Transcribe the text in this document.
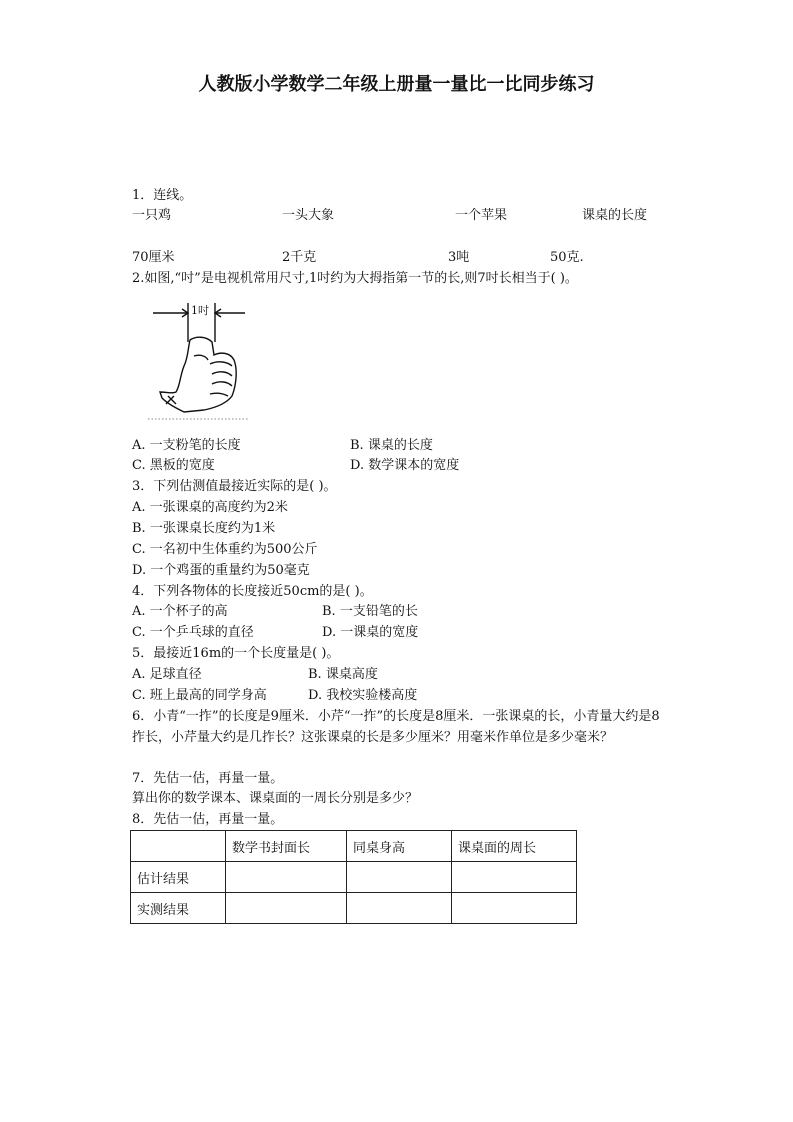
人教版小学数学二年级上册量一量比一比同步练习
1．连线。
一只鸡	一头大象	一个苹果	课桌的长度
70厘米	2千克	3吨	50克.
2.如图,“吋”是电视机常用尺寸,1吋约为大拇指第一节的长,则7吋长相当于( )。
1吋
A. 一支粉笔的长度	B. 课桌的长度
C. 黑板的宽度	D. 数学课本的宽度
3．下列估测值最接近实际的是( )。
A. 一张课桌的高度约为2米
B. 一张课桌长度约为1米
C. 一名初中生体重约为500公斤
D. 一个鸡蛋的重量约为50毫克
4．下列各物体的长度接近50cm的是( )。
A. 一个杯子的高	B. 一支铅笔的长
C. 一个乒乓球的直径	D. 一课桌的宽度
5．最接近16m的一个长度量是( )。
A. 足球直径	B. 课桌高度
C. 班上最高的同学身高	D. 我校实验楼高度
6．小青“一拃”的长度是9厘米．小芹“一拃”的长度是8厘米．一张课桌的长，小青量大约是8拃长，小芹量大约是几拃长？这张课桌的长是多少厘米？用毫米作单位是多少毫米？
7．先估一估，再量一量。
算出你的数学课本、课桌面的一周长分别是多少？
8．先估一估，再量一量。
	数学书封面长	同桌身高	课桌面的周长
估计结果			
实测结果			
